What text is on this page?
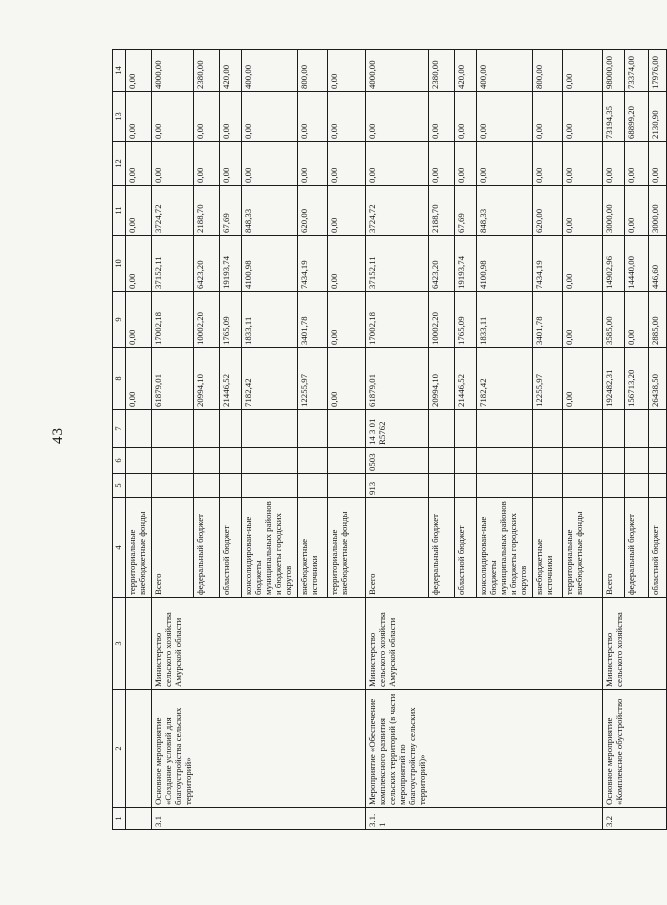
43
1	2	3	4	5	6	7	8	9	10	11	12	13	14
			территориальные внебюджетные фонды				0,00	0,00	0,00	0,00	0,00	0,00	0,00
3.1	Основное мероприятие «Создание условий для благоустройства сельских территорий»	Министерство сельского хозяйства Амурской области	Всего				61879,01	17002,18	37152,11	3724,72	0,00	0,00	4000,00
			федеральный бюджет				20994,10	10002,20	6423,20	2188,70	0,00	0,00	2380,00
			областной бюджет				21446,52	1765,09	19193,74	67,69	0,00	0,00	420,00
			консолидирован-ные бюджеты муниципальных районов и бюджеты городских округов				7182,42	1833,11	4100,98	848,33	0,00	0,00	400,00
			внебюджетные источники				12255,97	3401,78	7434,19	620,00	0,00	0,00	800,00
			территориальные внебюджетные фонды				0,00	0,00	0,00	0,00	0,00	0,00	0,00
3.1.1	Мероприятие «Обеспечение комплексного развития сельских территорий (в части мероприятий по благоустройству сельских территорий)»	Министерство сельского хозяйства Амурской области	Всего	913	0503	14 3 01 R5762	61879,01	17002,18	37152,11	3724,72	0,00	0,00	4000,00
			федеральный бюджет				20994,10	10002,20	6423,20	2188,70	0,00	0,00	2380,00
			областной бюджет				21446,52	1765,09	19193,74	67,69	0,00	0,00	420,00
			консолидирован-ные бюджеты муниципальных районов и бюджеты городских округов				7182,42	1833,11	4100,98	848,33	0,00	0,00	400,00
			внебюджетные источники				12255,97	3401,78	7434,19	620,00	0,00	0,00	800,00
			территориальные внебюджетные фонды				0,00	0,00	0,00	0,00	0,00	0,00	0,00
3.2	Основное мероприятие «Комплексное обустройство	Министерство сельского хозяйства	Всего				192482,31	3585,00	14902,96	3000,00	0,00	73194,35	98000,00
			федеральный бюджет				156713,20	0,00	14440,00	0,00	0,00	68899,20	73374,00
			областной бюджет				26438,50	2885,00	446,60	3000,00	0,00	2130,90	17976,00
